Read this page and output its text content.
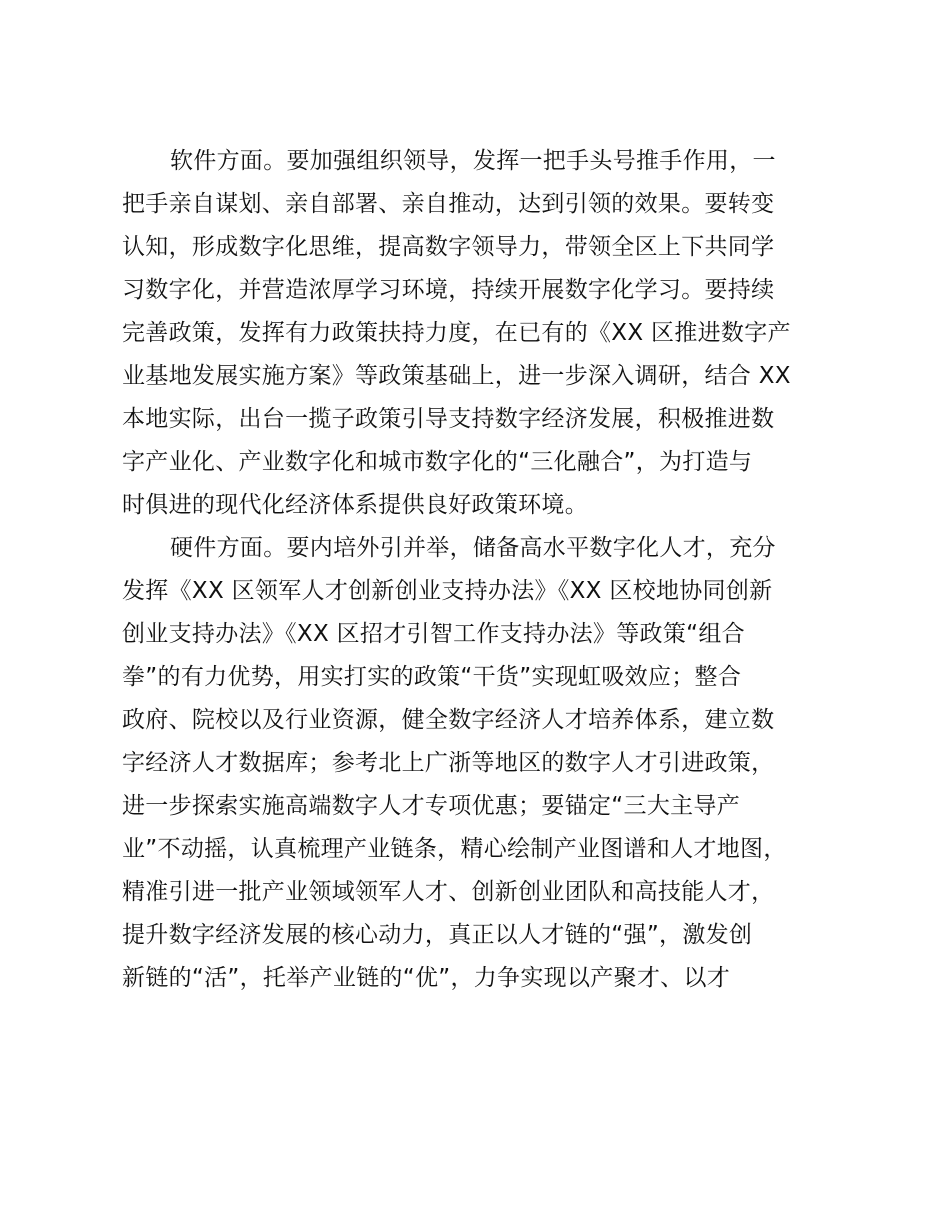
软件方面。要加强组织领导，发挥一把手头号推手作用，一
把手亲自谋划、亲自部署、亲自推动，达到引领的效果。要转变
认知，形成数字化思维，提高数字领导力，带领全区上下共同学
习数字化，并营造浓厚学习环境，持续开展数字化学习。要持续
完善政策，发挥有力政策扶持力度，在已有的《XX 区推进数字产
业基地发展实施方案》等政策基础上，进一步深入调研，结合 XX
本地实际，出台一揽子政策引导支持数字经济发展，积极推进数
字产业化、产业数字化和城市数字化的“三化融合”，为打造与
时俱进的现代化经济体系提供良好政策环境。

硬件方面。要内培外引并举，储备高水平数字化人才，充分
发挥《XX 区领军人才创新创业支持办法》《XX 区校地协同创新
创业支持办法》《XX 区招才引智工作支持办法》等政策“组合
拳”的有力优势，用实打实的政策“干货”实现虹吸效应；整合
政府、院校以及行业资源，健全数字经济人才培养体系，建立数
字经济人才数据库；参考北上广浙等地区的数字人才引进政策，
进一步探索实施高端数字人才专项优惠；要锚定“三大主导产
业”不动摇，认真梳理产业链条，精心绘制产业图谱和人才地图，
精准引进一批产业领域领军人才、创新创业团队和高技能人才，
提升数字经济发展的核心动力，真正以人才链的“强”，激发创
新链的“活”，托举产业链的“优”，力争实现以产聚才、以才
